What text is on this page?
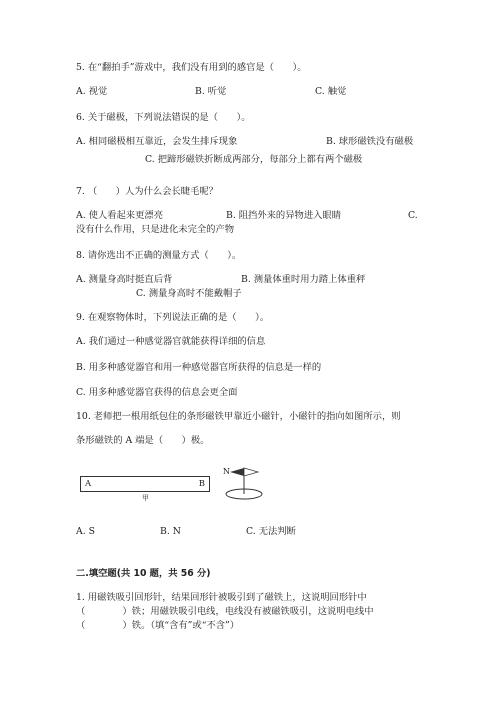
5. 在“翻拍手”游戏中，我们没有用到的感官是（　　）。
A. 视觉	B. 听觉	C. 触觉
6. 关于磁极，下列说法错误的是（　　）。
A. 相同磁极相互靠近，会发生排斥现象	B. 球形磁铁没有磁极
C. 把蹄形磁铁折断成两部分，每部分上都有两个磁极
7. （　　）人为什么会长睫毛呢？
A. 使人看起来更漂亮	B. 阻挡外来的异物进入眼睛	C.
没有什么作用，只是进化未完全的产物
8. 请你选出不正确的测量方式（　　）。
A. 测量身高时挺直后背	B. 测量体重时用力踏上体重秤
C. 测量身高时不能戴帽子
9. 在观察物体时，下列说法正确的是（　　）。
A. 我们通过一种感觉器官就能获得详细的信息
B. 用多种感觉器官和用一种感觉器官所获得的信息是一样的
C. 用多种感觉器官获得的信息会更全面
10. 老师把一根用纸包住的条形磁铁甲靠近小磁针，小磁针的指向如图所示，则
条形磁铁的 A 端是（　　）极。
A	B
甲
N
A. S	B. N	C. 无法判断
二.填空题(共 10 题，共 56 分)
1. 用磁铁吸引回形针，结果回形针被吸引到了磁铁上，这说明回形针中
（　　　　）铁；用磁铁吸引电线，电线没有被磁铁吸引，这说明电线中
（　　　　）铁。（填“含有”或“不含”）
